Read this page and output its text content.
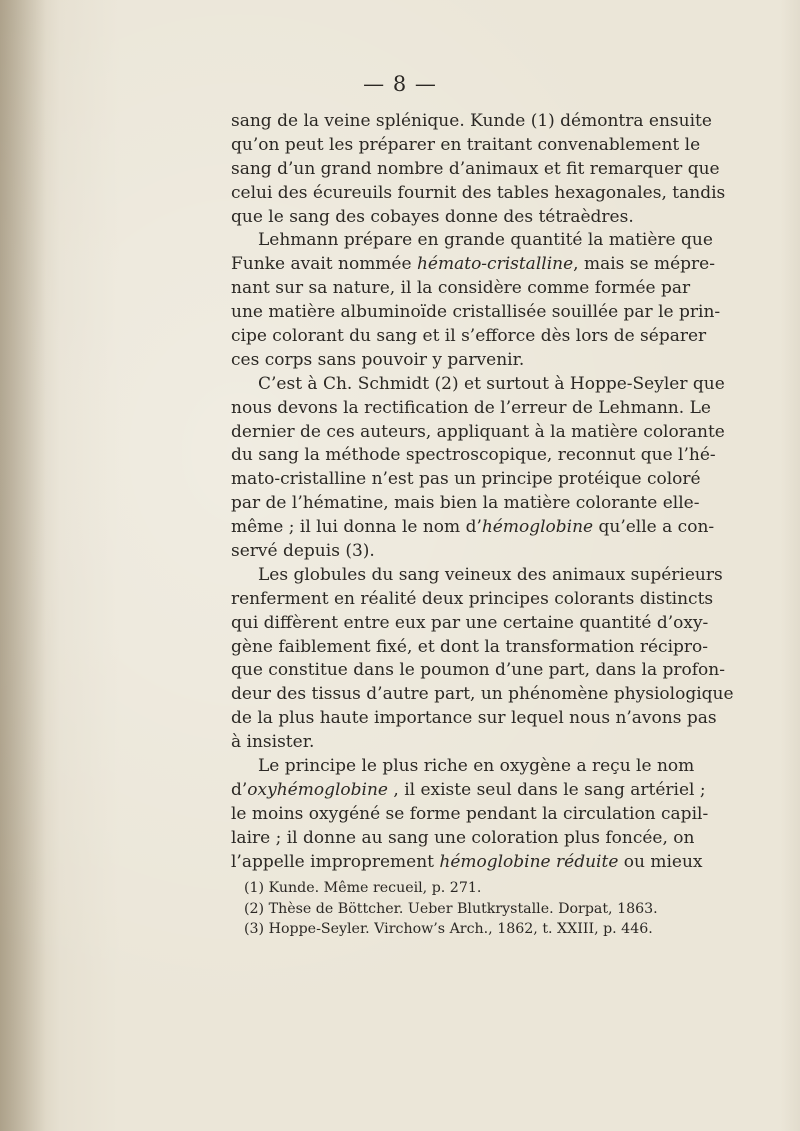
— 8 —
sang de la veine splénique. Kunde (1) démontra ensuite
qu’on peut les préparer en traitant convenablement le
sang d’un grand nombre d’animaux et fit remarquer que
celui des écureuils fournit des tables hexagonales, tandis
que le sang des cobayes donne des tétraèdres.
Lehmann prépare en grande quantité la matière que
Funke avait nommée hémato-cristalline, mais se mépre-
nant sur sa nature, il la considère comme formée par
une matière albuminoïde cristallisée souillée par le prin-
cipe colorant du sang et il s’efforce dès lors de séparer
ces corps sans pouvoir y parvenir.
C’est à Ch. Schmidt (2) et surtout à Hoppe-Seyler que
nous devons la rectification de l’erreur de Lehmann. Le
dernier de ces auteurs, appliquant à la matière colorante
du sang la méthode spectroscopique, reconnut que l’hé-
mato-cristalline n’est pas un principe protéique coloré
par de l’hématine, mais bien la matière colorante elle-
même ; il lui donna le nom d’hémoglobine qu’elle a con-
servé depuis (3).
Les globules du sang veineux des animaux supérieurs
renferment en réalité deux principes colorants distincts
qui diffèrent entre eux par une certaine quantité d’oxy-
gène faiblement fixé, et dont la transformation récipro-
que constitue dans le poumon d’une part, dans la profon-
deur des tissus d’autre part, un phénomène physiologique
de la plus haute importance sur lequel nous n’avons pas
à insister.
Le principe le plus riche en oxygène a reçu le nom
d’oxyhémoglobine , il existe seul dans le sang artériel ;
le moins oxygéné se forme pendant la circulation capil-
laire ; il donne au sang une coloration plus foncée, on
l’appelle improprement hémoglobine réduite ou mieux
(1) Kunde. Même recueil, p. 271.
(2) Thèse de Böttcher. Ueber Blutkrystalle. Dorpat, 1863.
(3) Hoppe-Seyler. Virchow’s Arch., 1862, t. XXIII, p. 446.
